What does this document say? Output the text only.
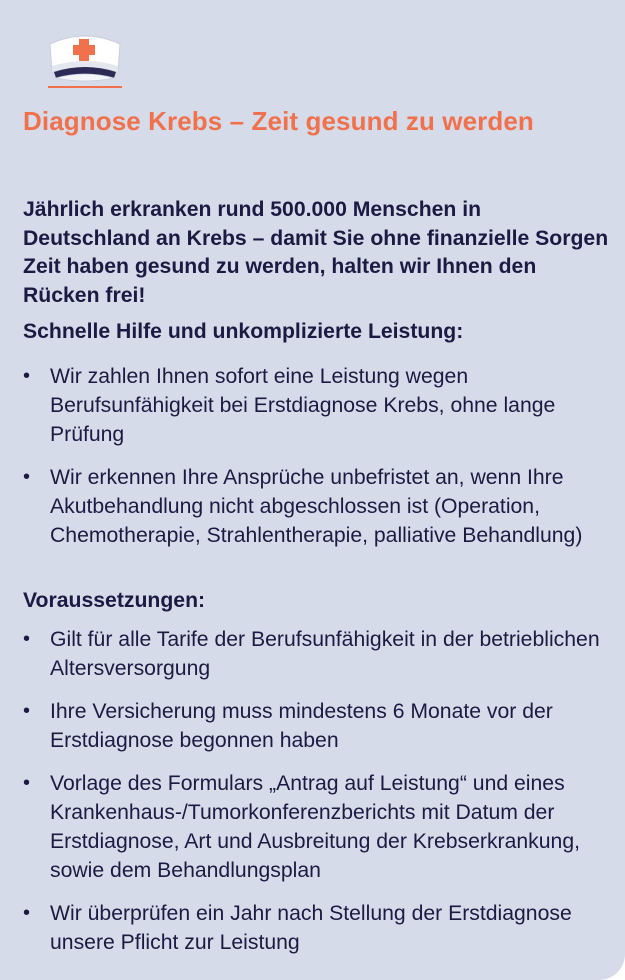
Diagnose Krebs – Zeit gesund zu werden

Jährlich erkranken rund 500.000 Menschen in Deutschland an Krebs – damit Sie ohne finanzielle Sorgen Zeit haben gesund zu werden, halten wir Ihnen den Rücken frei!

Schnelle Hilfe und unkomplizierte Leistung:
• Wir zahlen Ihnen sofort eine Leistung wegen Berufsunfähigkeit bei Erstdiagnose Krebs, ohne lange Prüfung
• Wir erkennen Ihre Ansprüche unbefristet an, wenn Ihre Akutbehandlung nicht abgeschlossen ist (Operation, Chemotherapie, Strahlentherapie, palliative Behandlung)
Voraussetzungen:
• Gilt für alle Tarife der Berufsunfähigkeit in der betrieblichen Altersversorgung
• Ihre Versicherung muss mindestens 6 Monate vor der Erstdiagnose begonnen haben
• Vorlage des Formulars „Antrag auf Leistung“ und eines Krankenhaus-/Tumorkonferenzberichts mit Datum der Erstdiagnose, Art und Ausbreitung der Krebserkrankung, sowie dem Behandlungsplan
• Wir überprüfen ein Jahr nach Stellung der Erstdiagnose unsere Pflicht zur Leistung
